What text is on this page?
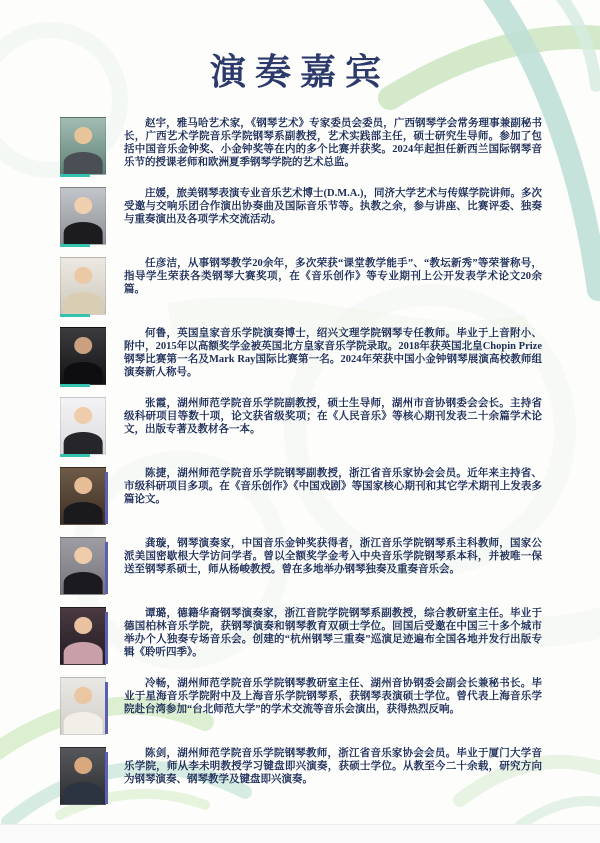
演奏嘉宾

赵宇，雅马哈艺术家，《钢琴艺术》专家委员会委员，广西钢琴学会常务理事兼副秘书长，广西艺术学院音乐学院钢琴系副教授，艺术实践部主任，硕士研究生导师。参加了包括中国音乐金钟奖、小金钟奖等在内的多个比赛并获奖。2024年起担任新西兰国际钢琴音乐节的授课老师和欧洲夏季钢琴学院的艺术总监。

庄媛，旅美钢琴表演专业音乐艺术博士(D.M.A.)，同济大学艺术与传媒学院讲师。多次受邀与交响乐团合作演出协奏曲及国际音乐节等。执教之余，参与讲座、比赛评委、独奏与重奏演出及各项学术交流活动。

任彦洁，从事钢琴教学20余年，多次荣获“课堂教学能手”、“教坛新秀”等荣誉称号，指导学生荣获各类钢琴大赛奖项，在《音乐创作》等专业期刊上公开发表学术论文20余篇。

何鲁，英国皇家音乐学院演奏博士，绍兴文理学院钢琴专任教师。毕业于上音附小、附中，2015年以高额奖学金被英国北方皇家音乐学院录取。2018年获英国北皇Chopin Prize钢琴比赛第一名及Mark Ray国际比赛第一名。2024年荣获中国小金钟钢琴展演高校教师组演奏新人称号。

张霞，湖州师范学院音乐学院副教授，硕士生导师，湖州市音协钢委会会长。主持省级科研项目等数十项，论文获省级奖项；在《人民音乐》等核心期刊发表二十余篇学术论文，出版专著及教材各一本。

陈捷，湖州师范学院音乐学院钢琴副教授，浙江省音乐家协会会员。近年来主持省、市级科研项目多项。在《音乐创作》《中国戏剧》等国家核心期刊和其它学术期刊上发表多篇论文。

龚璇，钢琴演奏家，中国音乐金钟奖获得者，浙江音乐学院钢琴系主科教师，国家公派美国密歇根大学访问学者。曾以全额奖学金考入中央音乐学院钢琴系本科，并被唯一保送至钢琴系硕士，师从杨峻教授。曾在多地举办钢琴独奏及重奏音乐会。

谭璐，德籍华裔钢琴演奏家，浙江音院学院钢琴系副教授，综合教研室主任。毕业于德国柏林音乐学院，获钢琴演奏和钢琴教育双硕士学位。回国后受邀在中国三十多个城市举办个人独奏专场音乐会。创建的“杭州钢琴三重奏”巡演足迹遍布全国各地并发行出版专辑《聆听四季》。

冷畅，湖州师范学院音乐学院钢琴教研室主任、湖州音协钢委会副会长兼秘书长。毕业于星海音乐学院附中及上海音乐学院钢琴系，获钢琴表演硕士学位。曾代表上海音乐学院赴台湾参加“台北师范大学”的学术交流等音乐会演出，获得热烈反响。

陈剑，湖州师范学院音乐学院钢琴教师，浙江省音乐家协会会员。毕业于厦门大学音乐学院，师从李未明教授学习键盘即兴演奏，获硕士学位。从教至今二十余载，研究方向为钢琴演奏、钢琴教学及键盘即兴演奏。
